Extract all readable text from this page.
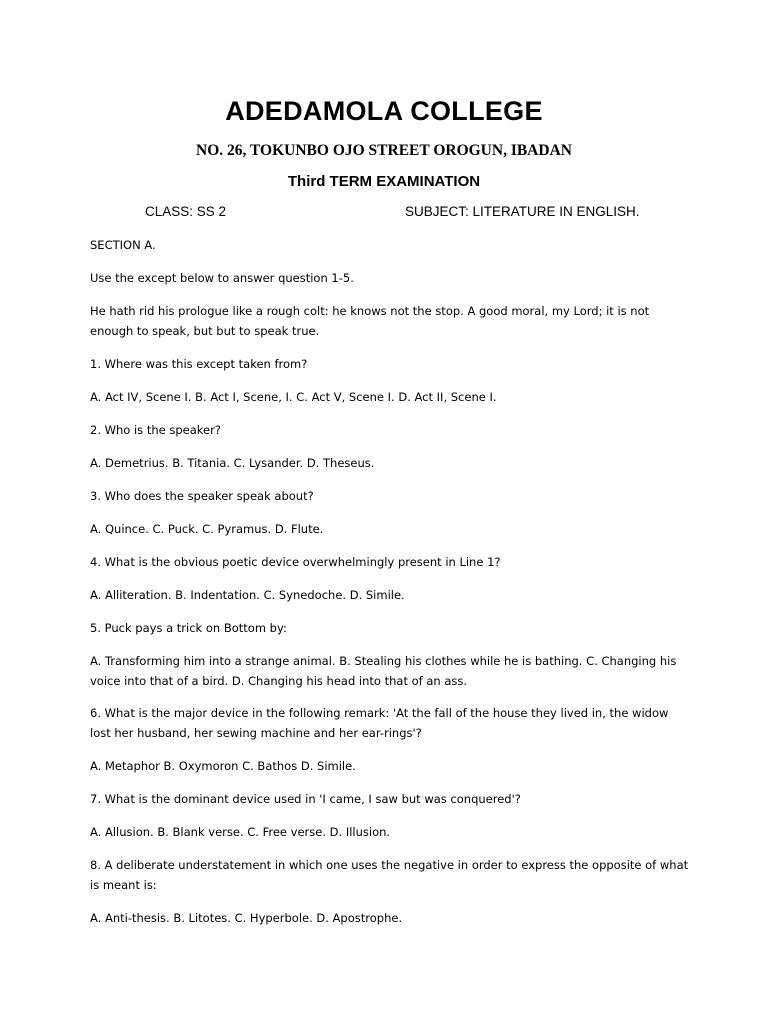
ADEDAMOLA COLLEGE

NO. 26, TOKUNBO OJO STREET OROGUN, IBADAN

Third TERM EXAMINATION

CLASS: SS 2	SUBJECT: LITERATURE IN ENGLISH.

SECTION A.

Use the except below to answer question 1-5.

He hath rid his prologue like a rough colt: he knows not the stop. A good moral, my Lord; it is not enough to speak, but but to speak true.

1. Where was this except taken from?

A. Act IV, Scene I. B. Act I, Scene, I. C. Act V, Scene I. D. Act II, Scene I.

2. Who is the speaker?

A. Demetrius. B. Titania. C. Lysander. D. Theseus.

3. Who does the speaker speak about?

A. Quince. C. Puck. C. Pyramus. D. Flute.

4. What is the obvious poetic device overwhelmingly present in Line 1?

A. Alliteration. B. Indentation. C. Synedoche. D. Simile.

5. Puck pays a trick on Bottom by:

A. Transforming him into a strange animal. B. Stealing his clothes while he is bathing. C. Changing his voice into that of a bird. D. Changing his head into that of an ass.

6. What is the major device in the following remark: 'At the fall of the house they lived in, the widow lost her husband, her sewing machine and her ear-rings'?

A. Metaphor B. Oxymoron C. Bathos D. Simile.

7. What is the dominant device used in 'I came, I saw but was conquered'?

A. Allusion. B. Blank verse. C. Free verse. D. Illusion.

8. A deliberate understatement in which one uses the negative in order to express the opposite of what is meant is:

A. Anti-thesis. B. Litotes. C. Hyperbole. D. Apostrophe.
